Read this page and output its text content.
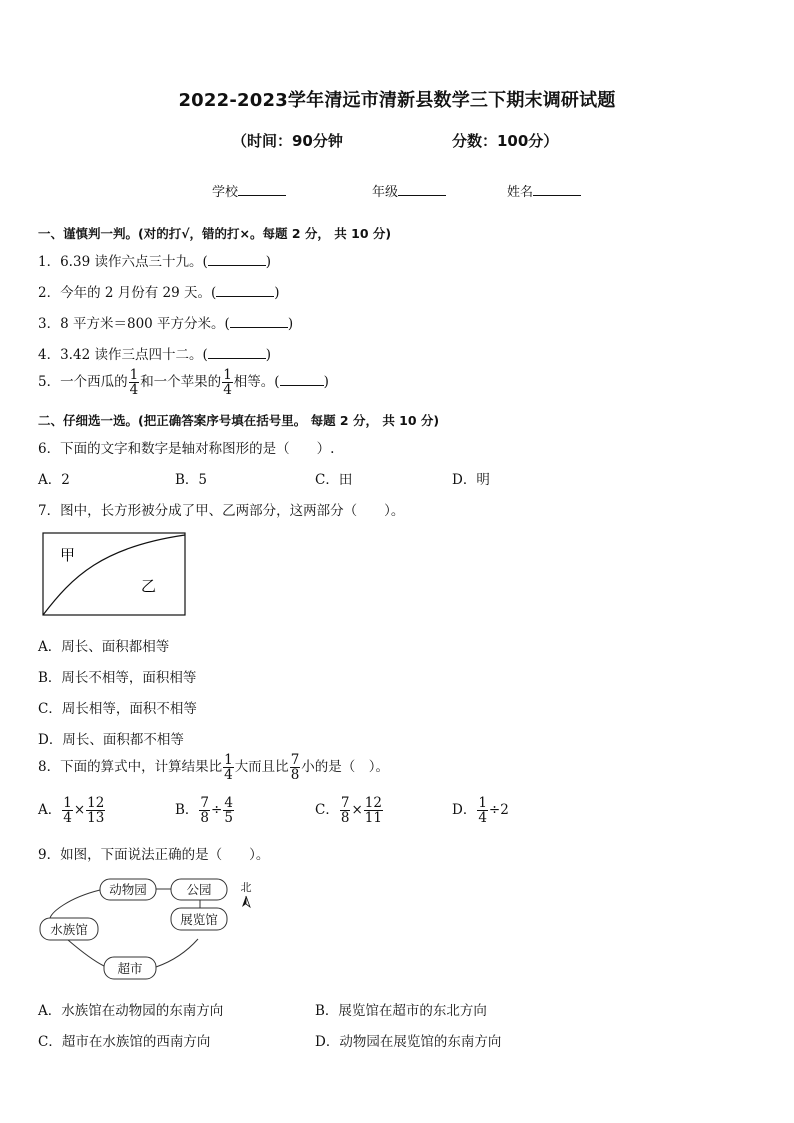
2022-2023学年清远市清新县数学三下期末调研试题
（时间：90分钟	分数：100分）
学校	年级	姓名
一、谨慎判一判。(对的打√，错的打×。每题 2 分， 共 10 分)
1．6.39 读作六点三十九。(	)
2．今年的 2 月份有 29 天。(	)
3．8 平方米＝800 平方分米。(	)
4．3.42 读作三点四十二。(	)
5．一个西瓜的 $\frac{1}{4}$ 和一个苹果的 $\frac{1}{4}$ 相等。(	)
二、仔细选一选。(把正确答案序号填在括号里。 每题 2 分， 共 10 分)
6．下面的文字和数字是轴对称图形的是（　　）.
A．2	B．5	C．田	D．明
7．图中，长方形被分成了甲、乙两部分，这两部分（　　）。
甲
乙
A．周长、面积都相等
B．周长不相等，面积相等
C．周长相等，面积不相等
D．周长、面积都不相等
8．下面的算式中，计算结果比 $\frac{1}{4}$ 大而且比 $\frac{7}{8}$ 小的是（　）。
A． $\frac{1}{4} \times \frac{12}{13}$	B． $\frac{7}{8} \div \frac{4}{5}$	C． $\frac{7}{8} \times \frac{12}{11}$	D． $\frac{1}{4} \div 2$
9．如图，下面说法正确的是（　　）。
动物园	公园
展览馆
水族馆
超市
北
A．水族馆在动物园的东南方向	B．展览馆在超市的东北方向
C．超市在水族馆的西南方向	D．动物园在展览馆的东南方向
